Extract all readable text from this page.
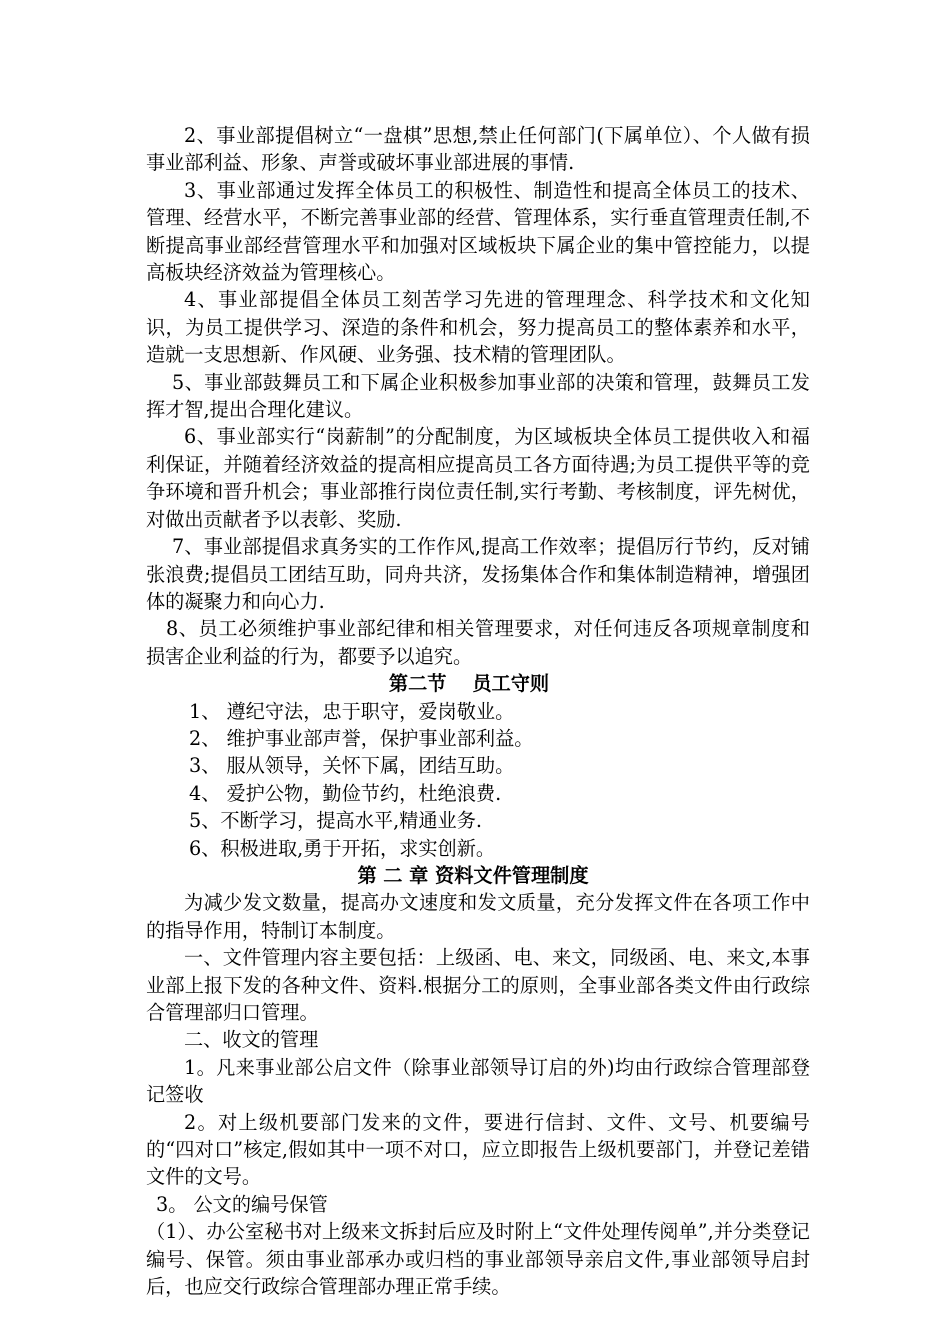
2、事业部提倡树立“一盘棋”思想,禁止任何部门(下属单位）、个人做有损事业部利益、形象、声誉或破坏事业部进展的事情.

3、事业部通过发挥全体员工的积极性、制造性和提高全体员工的技术、管理、经营水平，不断完善事业部的经营、管理体系，实行垂直管理责任制,不断提高事业部经营管理水平和加强对区域板块下属企业的集中管控能力，以提高板块经济效益为管理核心。

4、事业部提倡全体员工刻苦学习先进的管理理念、科学技术和文化知识，为员工提供学习、深造的条件和机会，努力提高员工的整体素养和水平，造就一支思想新、作风硬、业务强、技术精的管理团队。

5、事业部鼓舞员工和下属企业积极参加事业部的决策和管理，鼓舞员工发挥才智,提出合理化建议。

6、事业部实行“岗薪制”的分配制度，为区域板块全体员工提供收入和福利保证，并随着经济效益的提高相应提高员工各方面待遇;为员工提供平等的竞争环境和晋升机会；事业部推行岗位责任制,实行考勤、考核制度，评先树优，对做出贡献者予以表彰、奖励.

7、事业部提倡求真务实的工作作风,提高工作效率；提倡厉行节约，反对铺张浪费;提倡员工团结互助，同舟共济，发扬集体合作和集体制造精神，增强团体的凝聚力和向心力.

8、员工必须维护事业部纪律和相关管理要求，对任何违反各项规章制度和损害企业利益的行为，都要予以追究。

第二节　 员工守则

1、 遵纪守法，忠于职守，爱岗敬业。

2、 维护事业部声誉，保护事业部利益。

3、 服从领导，关怀下属，团结互助。

4、 爱护公物，勤俭节约，杜绝浪费.

5、不断学习，提高水平,精通业务.

6、积极进取,勇于开拓，求实创新。

第 二 章 资料文件管理制度

为减少发文数量，提高办文速度和发文质量，充分发挥文件在各项工作中的指导作用，特制订本制度。

一、文件管理内容主要包括：上级函、电、来文，同级函、电、来文,本事业部上报下发的各种文件、资料.根据分工的原则，全事业部各类文件由行政综合管理部归口管理。

二、收文的管理

1。凡来事业部公启文件（除事业部领导订启的外)均由行政综合管理部登记签收

2。对上级机要部门发来的文件，要进行信封、文件、文号、机要编号的“四对口”核定,假如其中一项不对口，应立即报告上级机要部门，并登记差错文件的文号。

3。 公文的编号保管

（1）、办公室秘书对上级来文拆封后应及时附上“文件处理传阅单”,并分类登记编号、保管。须由事业部承办或归档的事业部领导亲启文件,事业部领导启封后，也应交行政综合管理部办理正常手续。
